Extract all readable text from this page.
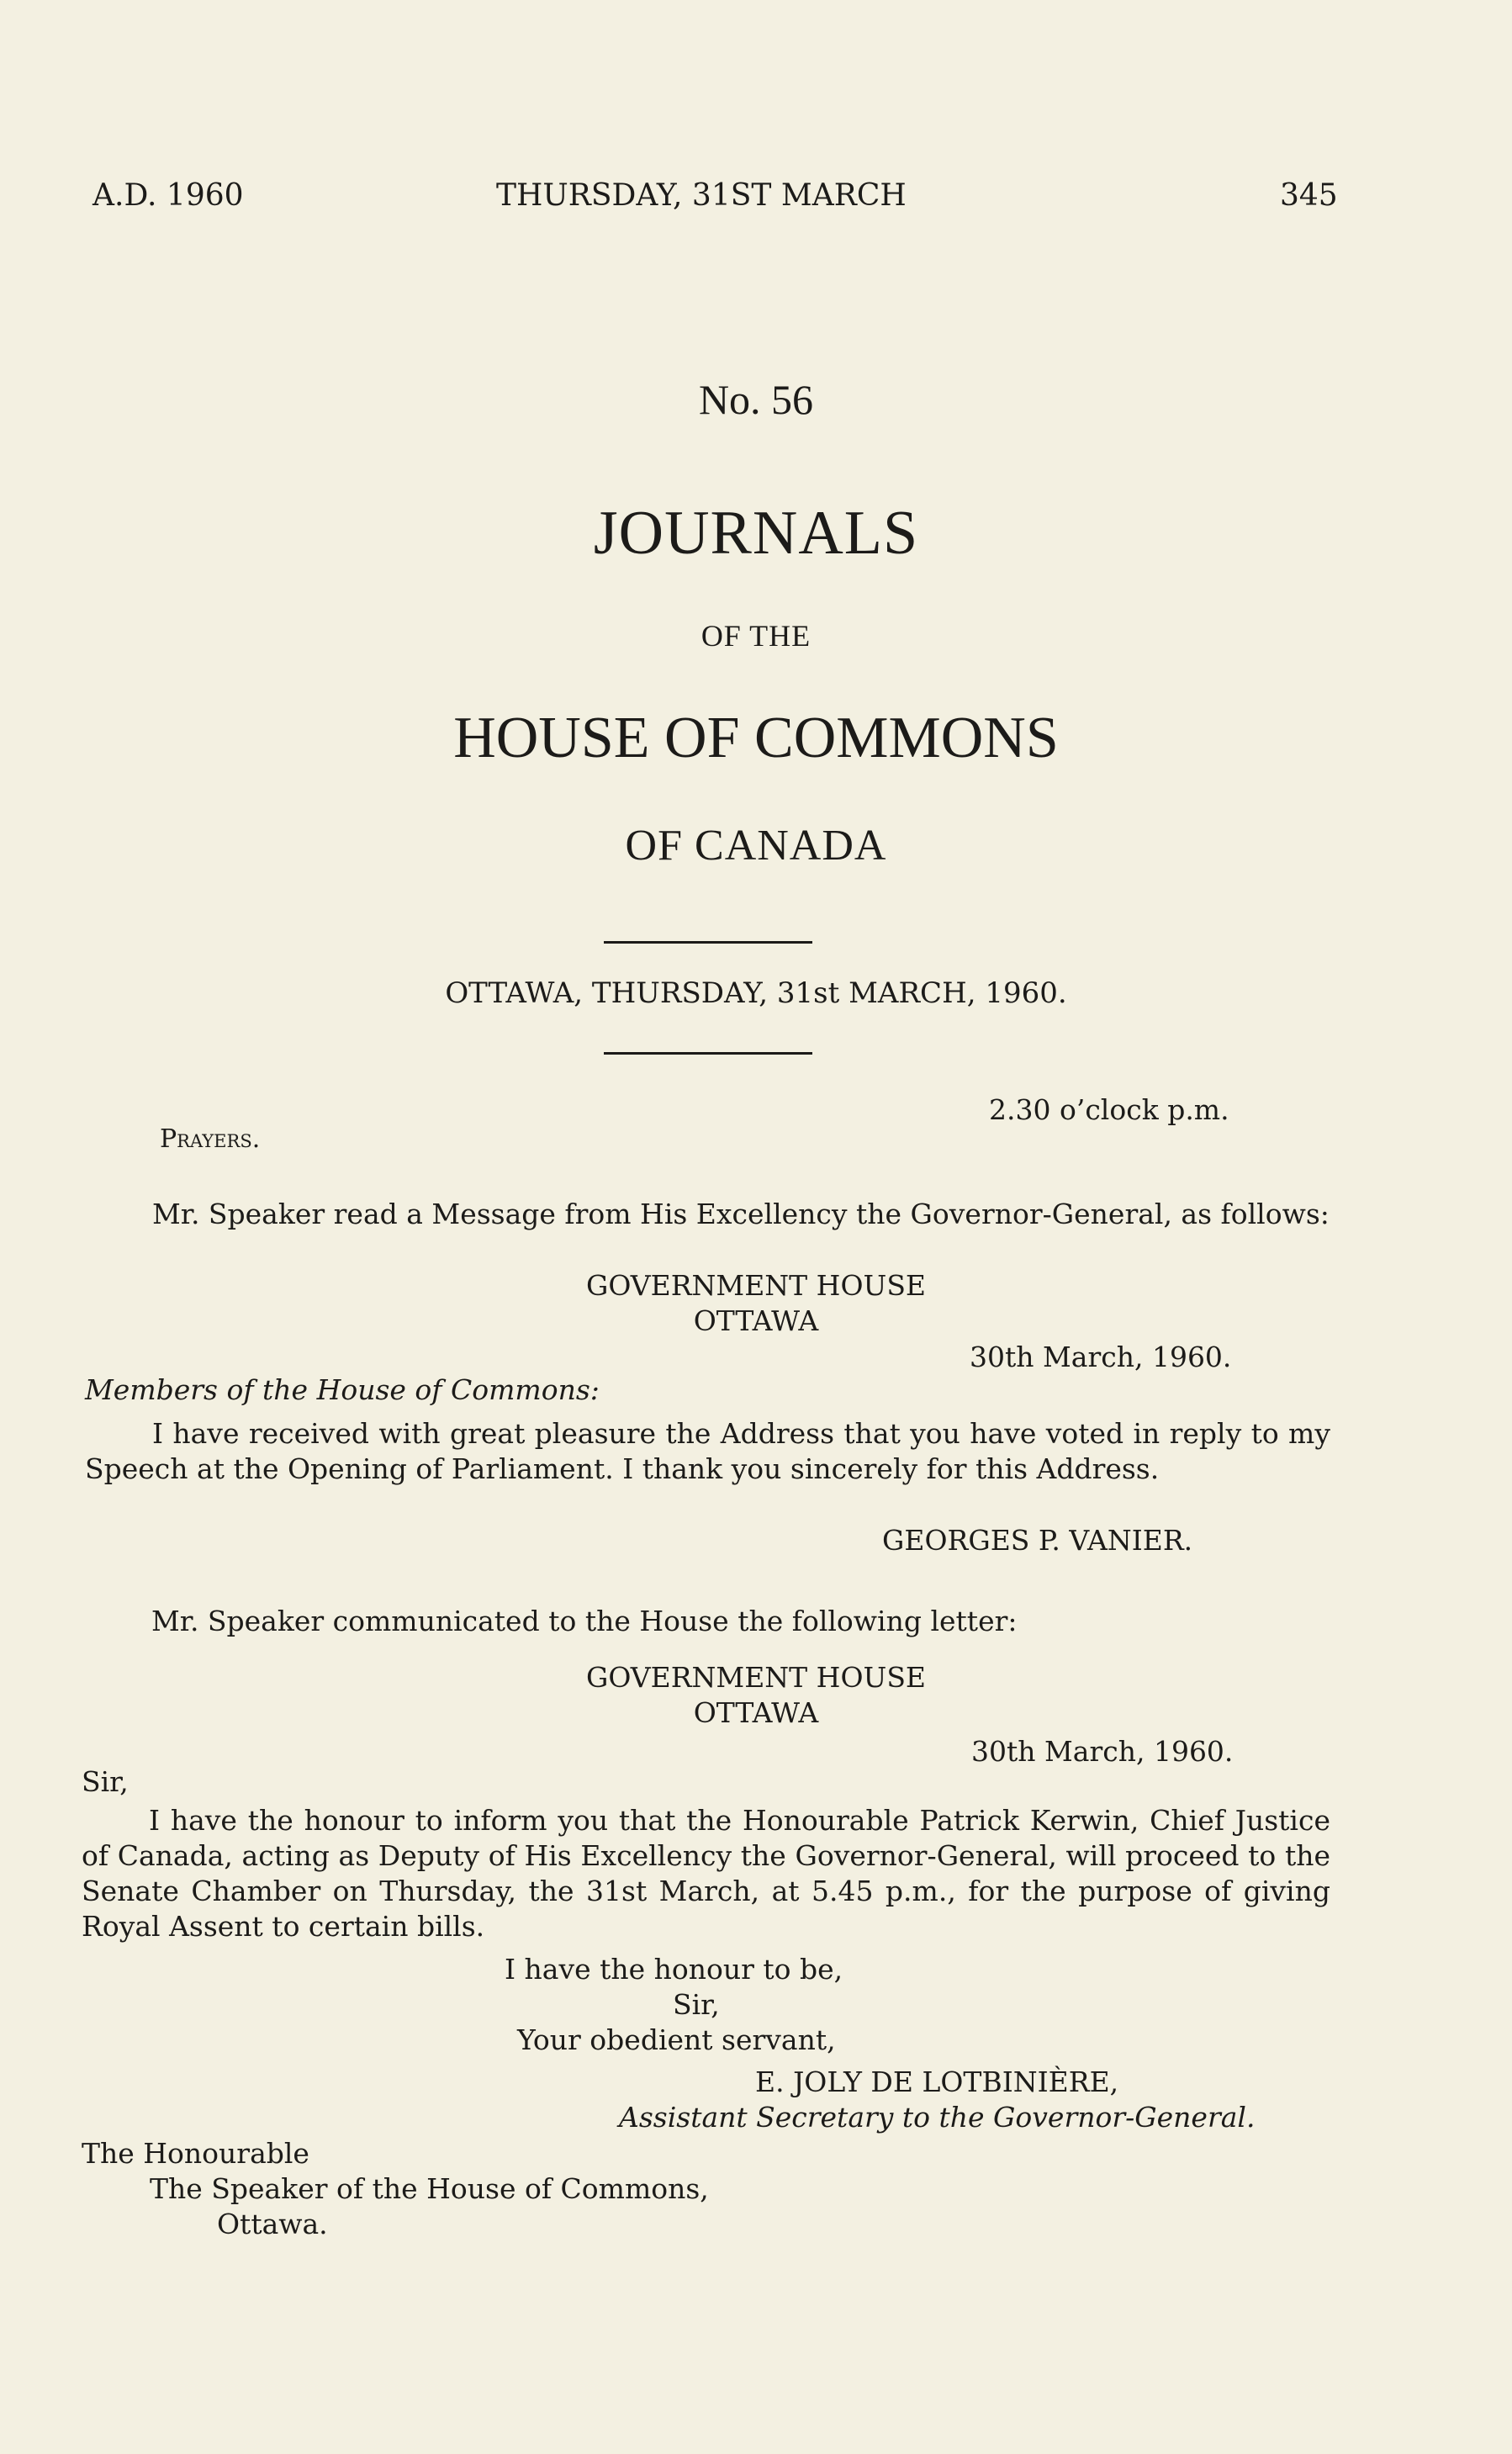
A.D. 1960	THURSDAY, 31ST MARCH	345
No. 56
JOURNALS
OF THE
HOUSE OF COMMONS
OF CANADA
OTTAWA, THURSDAY, 31st MARCH, 1960.
2.30 o’clock p.m.
Prayers.
Mr. Speaker read a Message from His Excellency the Governor-General, as follows:
GOVERNMENT HOUSE
OTTAWA
30th March, 1960.
Members of the House of Commons:
I have received with great pleasure the Address that you have voted in reply to my Speech at the Opening of Parliament. I thank you sincerely for this Address.
GEORGES P. VANIER.
Mr. Speaker communicated to the House the following letter:
GOVERNMENT HOUSE
OTTAWA
30th March, 1960.
Sir,
I have the honour to inform you that the Honourable Patrick Kerwin, Chief Justice of Canada, acting as Deputy of His Excellency the Governor-General, will proceed to the Senate Chamber on Thursday, the 31st March, at 5.45 p.m., for the purpose of giving Royal Assent to certain bills.
I have the honour to be,
Sir,
Your obedient servant,
E. JOLY DE LOTBINIÈRE,
Assistant Secretary to the Governor-General.
The Honourable
The Speaker of the House of Commons,
Ottawa.
